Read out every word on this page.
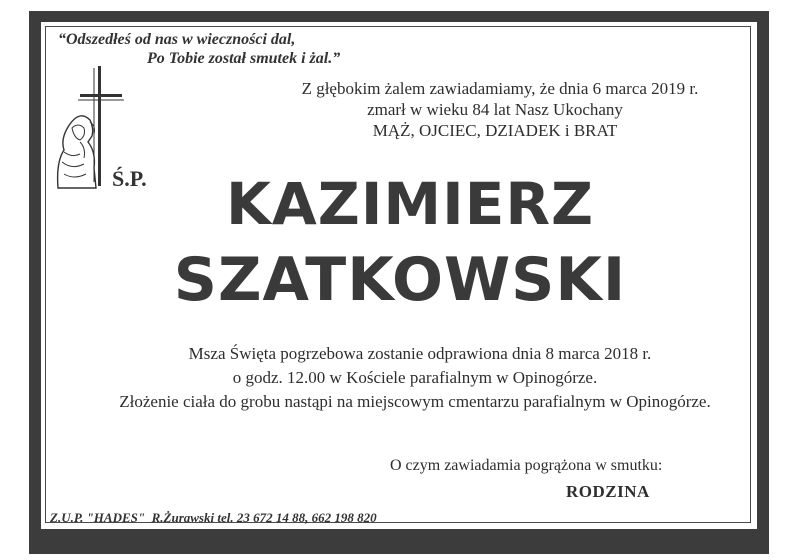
“Odszedłeś od nas w wieczności dal,
Po Tobie został smutek i żal.”
Z głębokim żalem zawiadamiamy, że dnia 6 marca 2019 r.
zmarł w wieku 84 lat Nasz Ukochany
MĄŻ, OJCIEC, DZIADEK i BRAT
Ś.P.	KAZIMIERZ
SZATKOWSKI
Msza Święta pogrzebowa zostanie odprawiona dnia 8 marca 2018 r.
o godz. 12.00 w Kościele parafialnym w Opinogórze.
Złożenie ciała do grobu nastąpi na miejscowym cmentarzu parafialnym w Opinogórze.
O czym zawiadamia pogrążona w smutku:
RODZINA
Z.U.P. "HADES"  R.Żurawski tel. 23 672 14 88, 662 198 820
